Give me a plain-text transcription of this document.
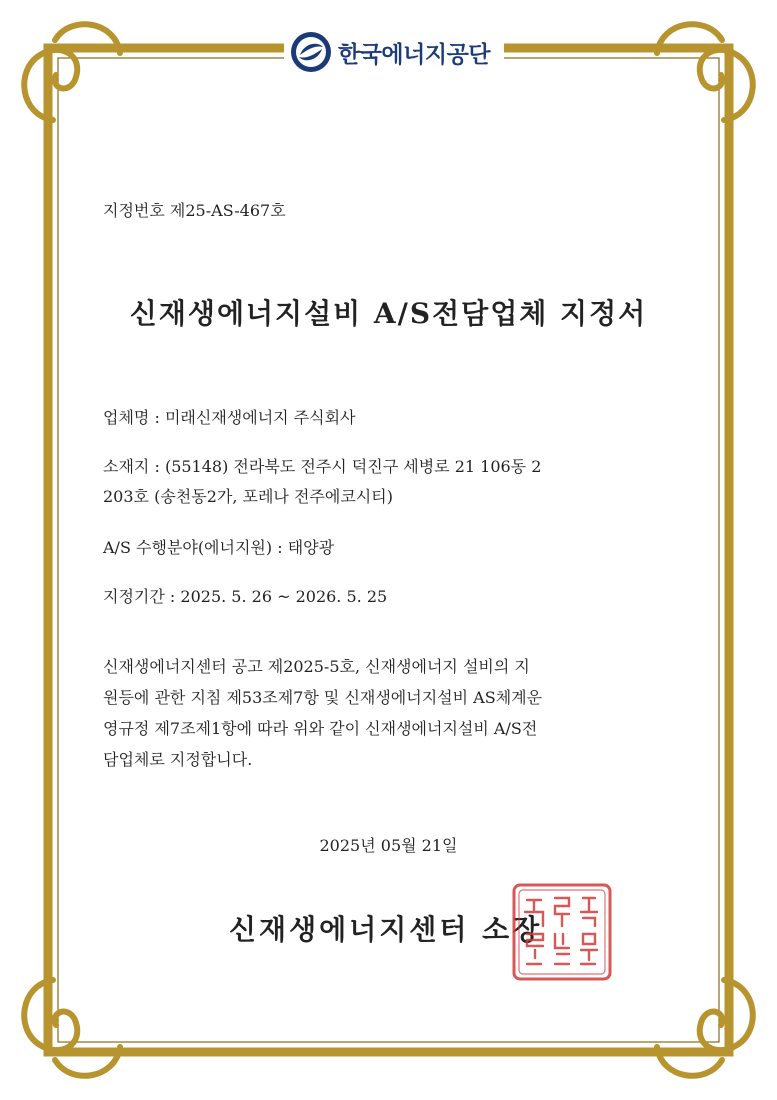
한국에너지공단
지정번호 제25-AS-467호
신재생에너지설비 A/S전담업체 지정서
업체명 : 미래신재생에너지 주식회사
소재지 : (55148) 전라북도 전주시 덕진구 세병로 21 106동 2
203호 (송천동2가, 포레나 전주에코시티)
A/S 수행분야(에너지원) : 태양광
지정기간 : 2025. 5. 26 ~ 2026. 5. 25
신재생에너지센터 공고 제2025-5호, 신재생에너지 설비의 지
원등에 관한 지침 제53조제7항 및 신재생에너지설비 AS체계운
영규정 제7조제1항에 따라 위와 같이 신재생에너지설비 A/S전
담업체로 지정합니다.
2025년 05월 21일
신재생에너지센터 소장
